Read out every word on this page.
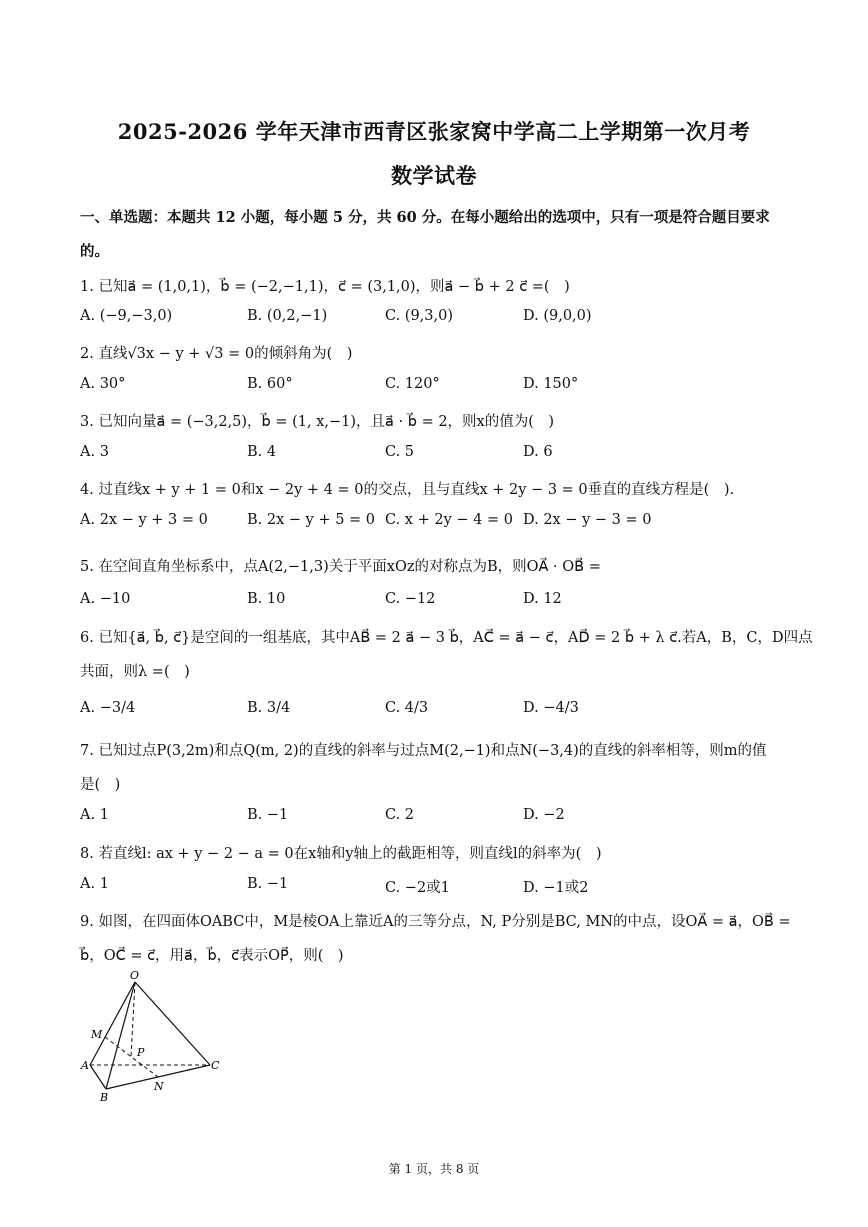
2025-2026 学年天津市西青区张家窝中学高二上学期第一次月考
数学试卷
一、单选题：本题共 12 小题，每小题 5 分，共 60 分。在每小题给出的选项中，只有一项是符合题目要求
的。
1. 已知a⃗ = (1,0,1)，b⃗ = (−2,−1,1)，c⃗ = (3,1,0)，则a⃗ − b⃗ + 2 c⃗ =(　)
A. (−9,−3,0)	B. (0,2,−1)	C. (9,3,0)	D. (9,0,0)
2. 直线√3x − y + √3 = 0的倾斜角为(　)
A. 30°	B. 60°	C. 120°	D. 150°
3. 已知向量a⃗ = (−3,2,5)，b⃗ = (1, x,−1)，且a⃗ · b⃗ = 2，则x的值为(　)
A. 3	B. 4	C. 5	D. 6
4. 过直线x + y + 1 = 0和x − 2y + 4 = 0的交点，且与直线x + 2y − 3 = 0垂直的直线方程是(　).
A. 2x − y + 3 = 0	B. 2x − y + 5 = 0 C. x + 2y − 4 = 0 D. 2x − y − 3 = 0
5. 在空间直角坐标系中，点A(2,−1,3)关于平面xOz的对称点为B，则OA⃗ · OB⃗ =
A. −10	B. 10	C. −12	D. 12
6. 已知{a⃗, b⃗, c⃗}是空间的一组基底，其中AB⃗ = 2 a⃗ − 3 b⃗，AC⃗ = a⃗ − c⃗，AD⃗ = 2 b⃗ + λ c⃗.若A，B，C，D四点
共面，则λ =(　)
A. −3/4	B. 3/4	C. 4/3	D. −4/3
7. 已知过点P(3,2m)和点Q(m, 2)的直线的斜率与过点M(2,−1)和点N(−3,4)的直线的斜率相等，则m的值
是(　)
A. 1	B. −1	C. 2	D. −2
8. 若直线l: ax + y − 2 − a = 0在x轴和y轴上的截距相等，则直线l的斜率为(　)
A. 1	B. −1	C. −2或1	D. −1或2
9. 如图，在四面体OABC中，M是棱OA上靠近A的三等分点，N, P分别是BC, MN的中点，设OA⃗ = a⃗，OB⃗ =
b⃗，OC⃗ = c⃗，用a⃗，b⃗，c⃗表示OP⃗，则(　)
O
M
P
A	C
N
B
第 1 页，共 8 页
